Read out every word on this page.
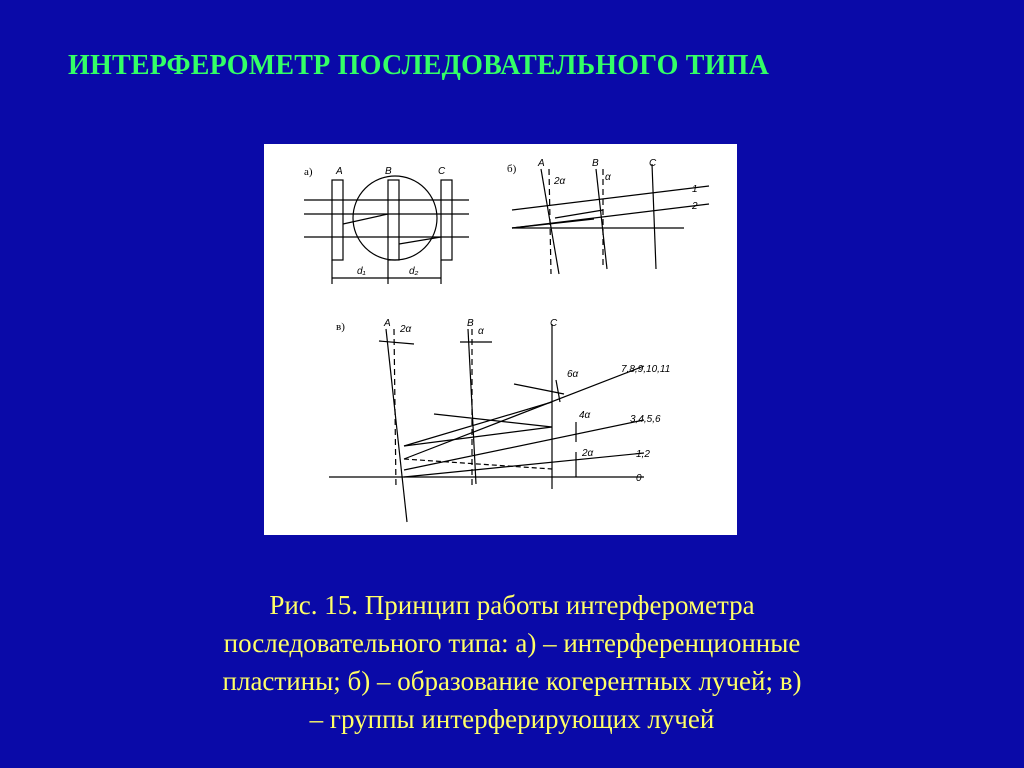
ИНТЕРФЕРОМЕТР ПОСЛЕДОВАТЕЛЬНОГО ТИПА
а) A	B	C
d₁	d₂
б) A	B	C
2α	α
1
2
в)	A	B	C
2α	α
6α
4α
2α
7,8,9,10,11
3,4,5,6
1,2
0
Рис. 15. Принцип работы интерферометра
последовательного типа: а) – интерференционные
пластины; б) – образование когерентных лучей; в)
– группы интерферирующих лучей
